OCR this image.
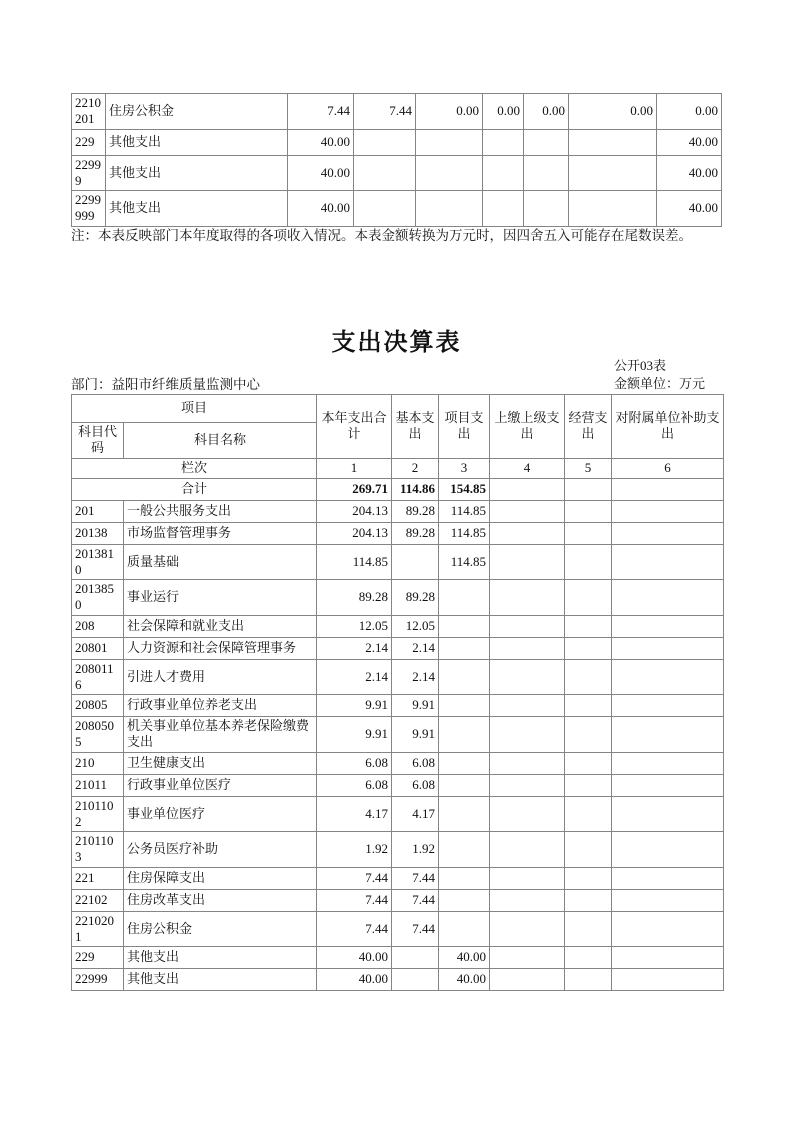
2210201	住房公积金	7.44	7.44	0.00	0.00	0.00	0.00	0.00
229	其他支出	40.00						40.00
22999	其他支出	40.00						40.00
2299999	其他支出	40.00						40.00
注：本表反映部门本年度取得的各项收入情况。本表金额转换为万元时，因四舍五入可能存在尾数误差。
支出决算表
公开03表
部门：益阳市纤维质量监测中心	金额单位：万元
项目		本年支出合计	基本支出	项目支出	上缴上级支出	经营支出	对附属单位补助支出
科目代码	科目名称						
栏次		1	2	3	4	5	6
合计		269.71	114.86	154.85			
201	一般公共服务支出	204.13	89.28	114.85			
20138	市场监督管理事务	204.13	89.28	114.85			
2013810	质量基础	114.85		114.85			
2013850	事业运行	89.28	89.28				
208	社会保障和就业支出	12.05	12.05				
20801	人力资源和社会保障管理事务	2.14	2.14				
2080116	引进人才费用	2.14	2.14				
20805	行政事业单位养老支出	9.91	9.91				
2080505	机关事业单位基本养老保险缴费支出	9.91	9.91				
210	卫生健康支出	6.08	6.08				
21011	行政事业单位医疗	6.08	6.08				
2101102	事业单位医疗	4.17	4.17				
2101103	公务员医疗补助	1.92	1.92				
221	住房保障支出	7.44	7.44				
22102	住房改革支出	7.44	7.44				
2210201	住房公积金	7.44	7.44				
229	其他支出	40.00		40.00			
22999	其他支出	40.00		40.00			
